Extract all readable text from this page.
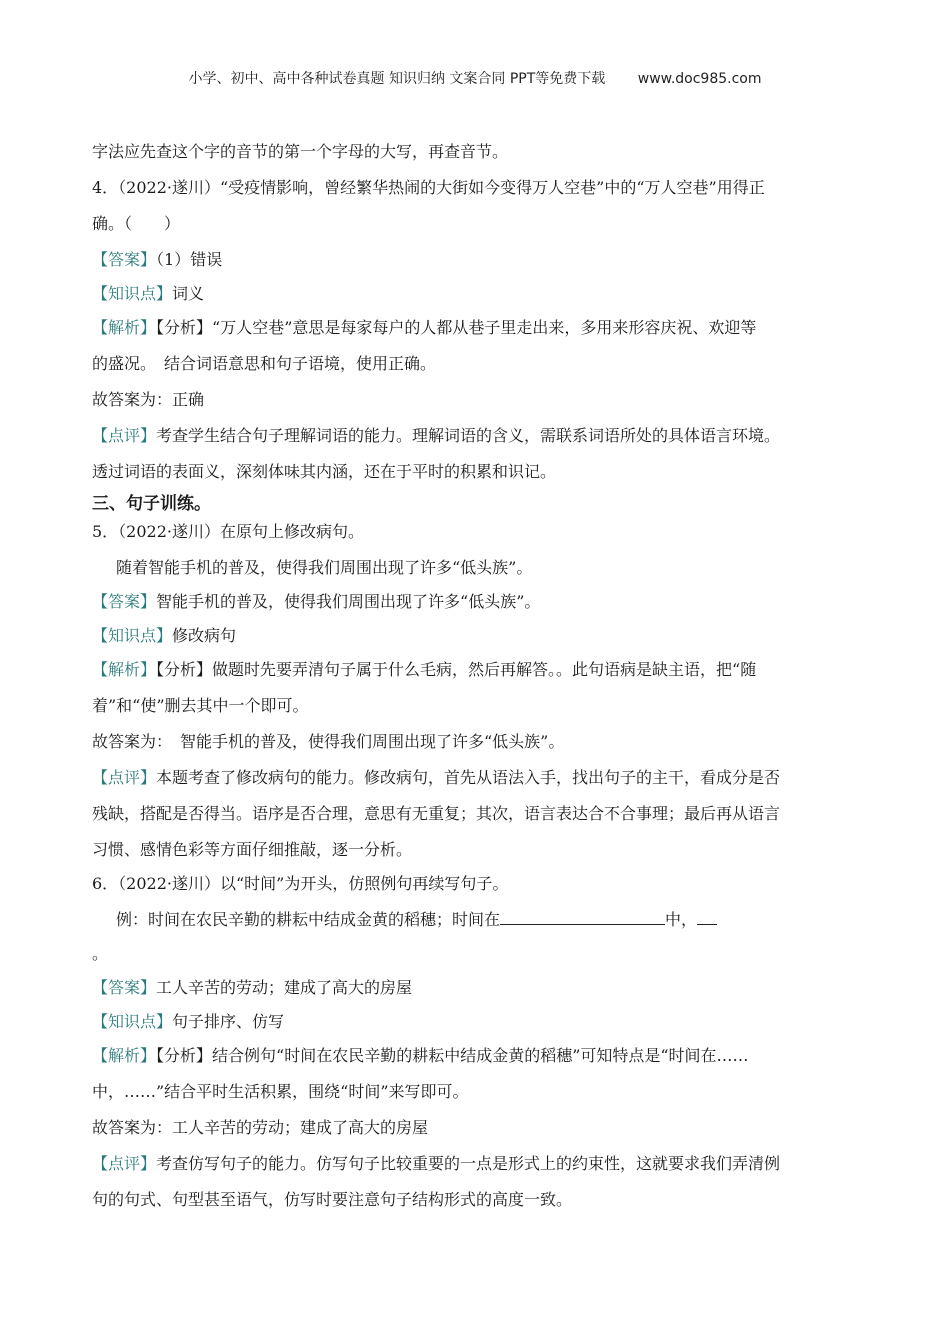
小学、初中、高中各种试卷真题 知识归纳 文案合同 PPT等免费下载 www.doc985.com
字法应先查这个字的音节的第一个字母的大写，再查音节。
4．（2022·遂川）“受疫情影响，曾经繁华热闹的大街如今变得万人空巷”中的“万人空巷”用得正
确。（　　）
【答案】（1）错误
【知识点】词义
【解析】【分析】“万人空巷”意思是每家每户的人都从巷子里走出来，多用来形容庆祝、欢迎等
的盛况。　结合词语意思和句子语境，使用正确。
故答案为：正确
【点评】考查学生结合句子理解词语的能力。理解词语的含义，需联系词语所处的具体语言环境。
透过词语的表面义，深刻体味其内涵，还在于平时的积累和识记。
三、句子训练。
5．（2022·遂川）在原句上修改病句。
随着智能手机的普及，使得我们周围出现了许多“低头族”。
【答案】智能手机的普及，使得我们周围出现了许多“低头族”。
【知识点】修改病句
【解析】【分析】做题时先要弄清句子属于什么毛病，然后再解答。。此句语病是缺主语，把“随
着”和“使”删去其中一个即可。
故答案为：　智能手机的普及，使得我们周围出现了许多“低头族”。
【点评】本题考查了修改病句的能力。修改病句，首先从语法入手，找出句子的主干，看成分是否
残缺，搭配是否得当。语序是否合理，意思有无重复；其次，语言表达合不合事理；最后再从语言
习惯、感情色彩等方面仔细推敲，逐一分析。
6．（2022·遂川）以“时间”为开头，仿照例句再续写句子。
例：时间在农民辛勤的耕耘中结成金黄的稻穗；时间在	中，
。
【答案】工人辛苦的劳动；建成了高大的房屋
【知识点】句子排序、仿写
【解析】【分析】结合例句“时间在农民辛勤的耕耘中结成金黄的稻穗”可知特点是“时间在……
中，……”结合平时生活积累，围绕“时间”来写即可。
故答案为：工人辛苦的劳动；建成了高大的房屋
【点评】考查仿写句子的能力。仿写句子比较重要的一点是形式上的约束性，这就要求我们弄清例
句的句式、句型甚至语气，仿写时要注意句子结构形式的高度一致。
